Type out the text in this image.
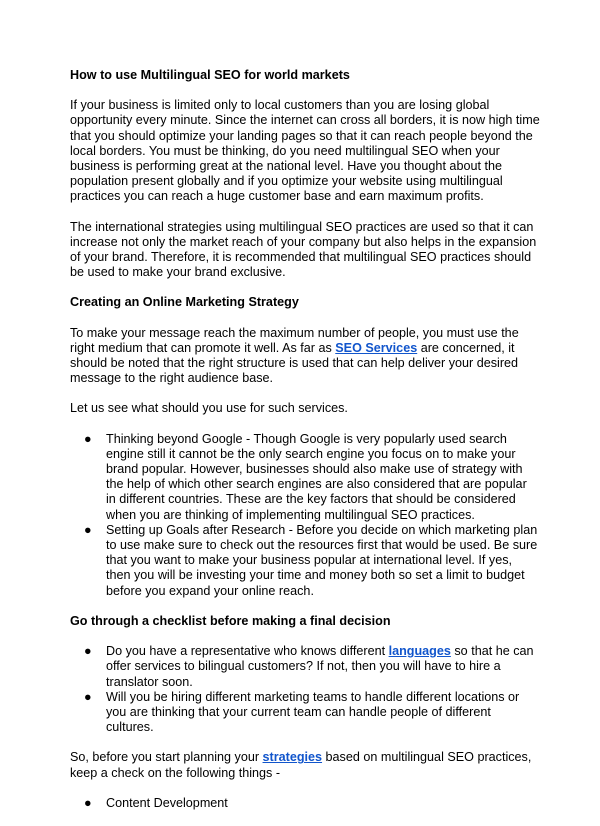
How to use Multilingual SEO for world markets

If your business is limited only to local customers than you are losing global opportunity every minute. Since the internet can cross all borders, it is now high time that you should optimize your landing pages so that it can reach people beyond the local borders. You must be thinking, do you need multilingual SEO when your business is performing great at the national level. Have you thought about the population present globally and if you optimize your website using multilingual practices you can reach a huge customer base and earn maximum profits.

The international strategies using multilingual SEO practices are used so that it can increase not only the market reach of your company but also helps in the expansion of your brand. Therefore, it is recommended that multilingual SEO practices should be used to make your brand exclusive.

Creating an Online Marketing Strategy

To make your message reach the maximum number of people, you must use the right medium that can promote it well. As far as SEO Services are concerned, it should be noted that the right structure is used that can help deliver your desired message to the right audience base.

Let us see what should you use for such services.

● Thinking beyond Google - Though Google is very popularly used search engine still it cannot be the only search engine you focus on to make your brand popular. However, businesses should also make use of strategy with the help of which other search engines are also considered that are popular in different countries. These are the key factors that should be considered when you are thinking of implementing multilingual SEO practices.
● Setting up Goals after Research - Before you decide on which marketing plan to use make sure to check out the resources first that would be used. Be sure that you want to make your business popular at international level. If yes, then you will be investing your time and money both so set a limit to budget before you expand your online reach.
Go through a checklist before making a final decision
● Do you have a representative who knows different languages so that he can offer services to bilingual customers? If not, then you will have to hire a translator soon.
● Will you be hiring different marketing teams to handle different locations or you are thinking that your current team can handle people of different cultures.

So, before you start planning your strategies based on multilingual SEO practices, keep a check on the following things -

● Content Development
